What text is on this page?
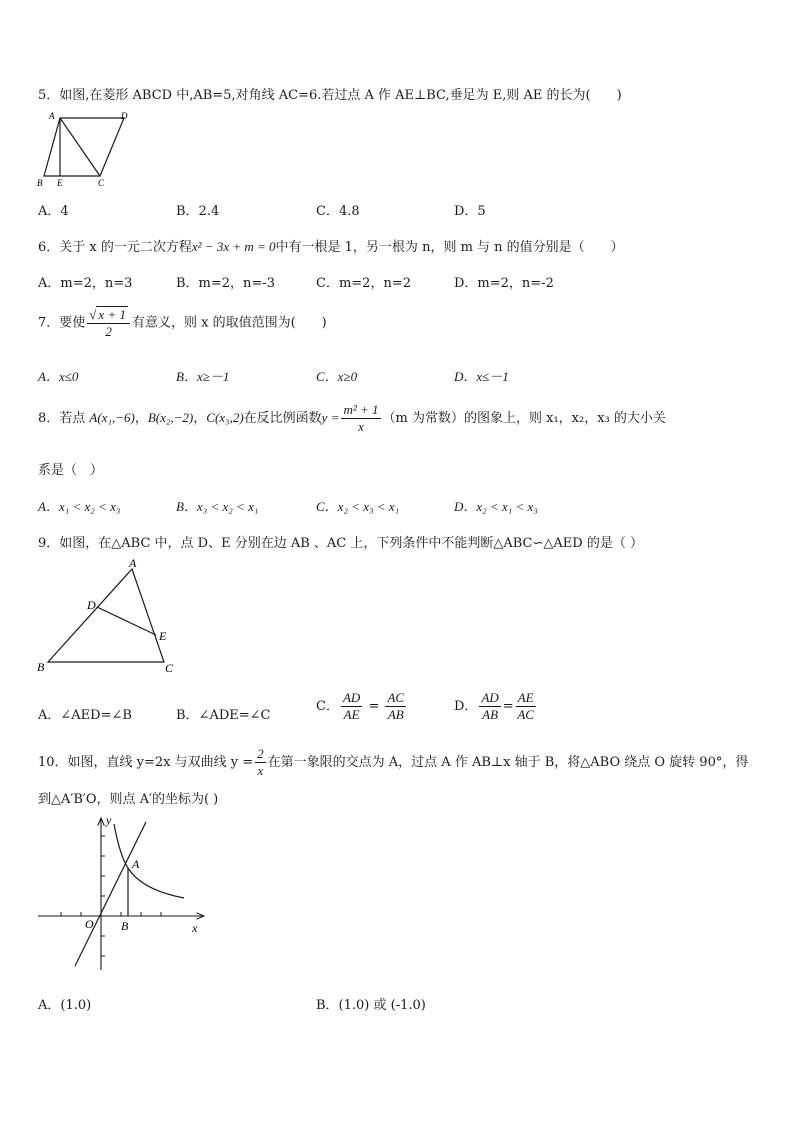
5．如图,在菱形 ABCD 中,AB=5,对角线 AC=6.若过点 A 作 AE⊥BC,垂足为 E,则 AE 的长为(　　)
A	D
B E	C
A．4	B．2.4	C．4.8	D．5
6．关于 x 的一元二次方程x² − 3x + m = 0中有一根是 1，另一根为 n，则 m 与 n 的值分别是（　　）
A．m=2，n=3	B．m=2，n=-3	C．m=2，n=2	D．m=2，n=-2
7．要使 $\frac{√ x + 1}{2}$ 有意义，则 x 的取值范围为(　　)
A．x≤0	B．x≥－1	C．x≥0	D．x≤－1
8．若点 A(x₁,−6)，B(x₂,−2)，C(x₃,2)在反比例函数$y = \frac{\text{m² + 1}}{x} (m$ 为常数）的图象上，则 x₁，x₂，x₃ 的大小关
系是（　）
A．x₁ < x₂ < x₃	B．x₃ < x₂ < x₁	C．x₂ < x₃ < x₁	D．x₂ < x₁ < x₃
9．如图，在△ABC 中，点 D、E 分别在边 AB 、AC 上，下列条件中不能判断△ABC∽△AED 的是（ ）
A
D
E
B	C
A．∠AED=∠B	B．∠ADE=∠C
C． $\frac{AD}{AE} = \frac{AC}{AB}$	D． $\frac{AD}{AB} = \frac{AE}{AC}$
10．如图，直线 y=2x 与双曲线 $y = \frac{2}{x}$ 在第一象限的交点为 A，过点 A 作 AB⊥x 轴于 B，将△ABO 绕点 O 旋转 90°，得
到△A′B′O，则点 A′的坐标为( )
y
A
O B	x
A．(1.0)	B．(1.0) 或 (-1.0)
